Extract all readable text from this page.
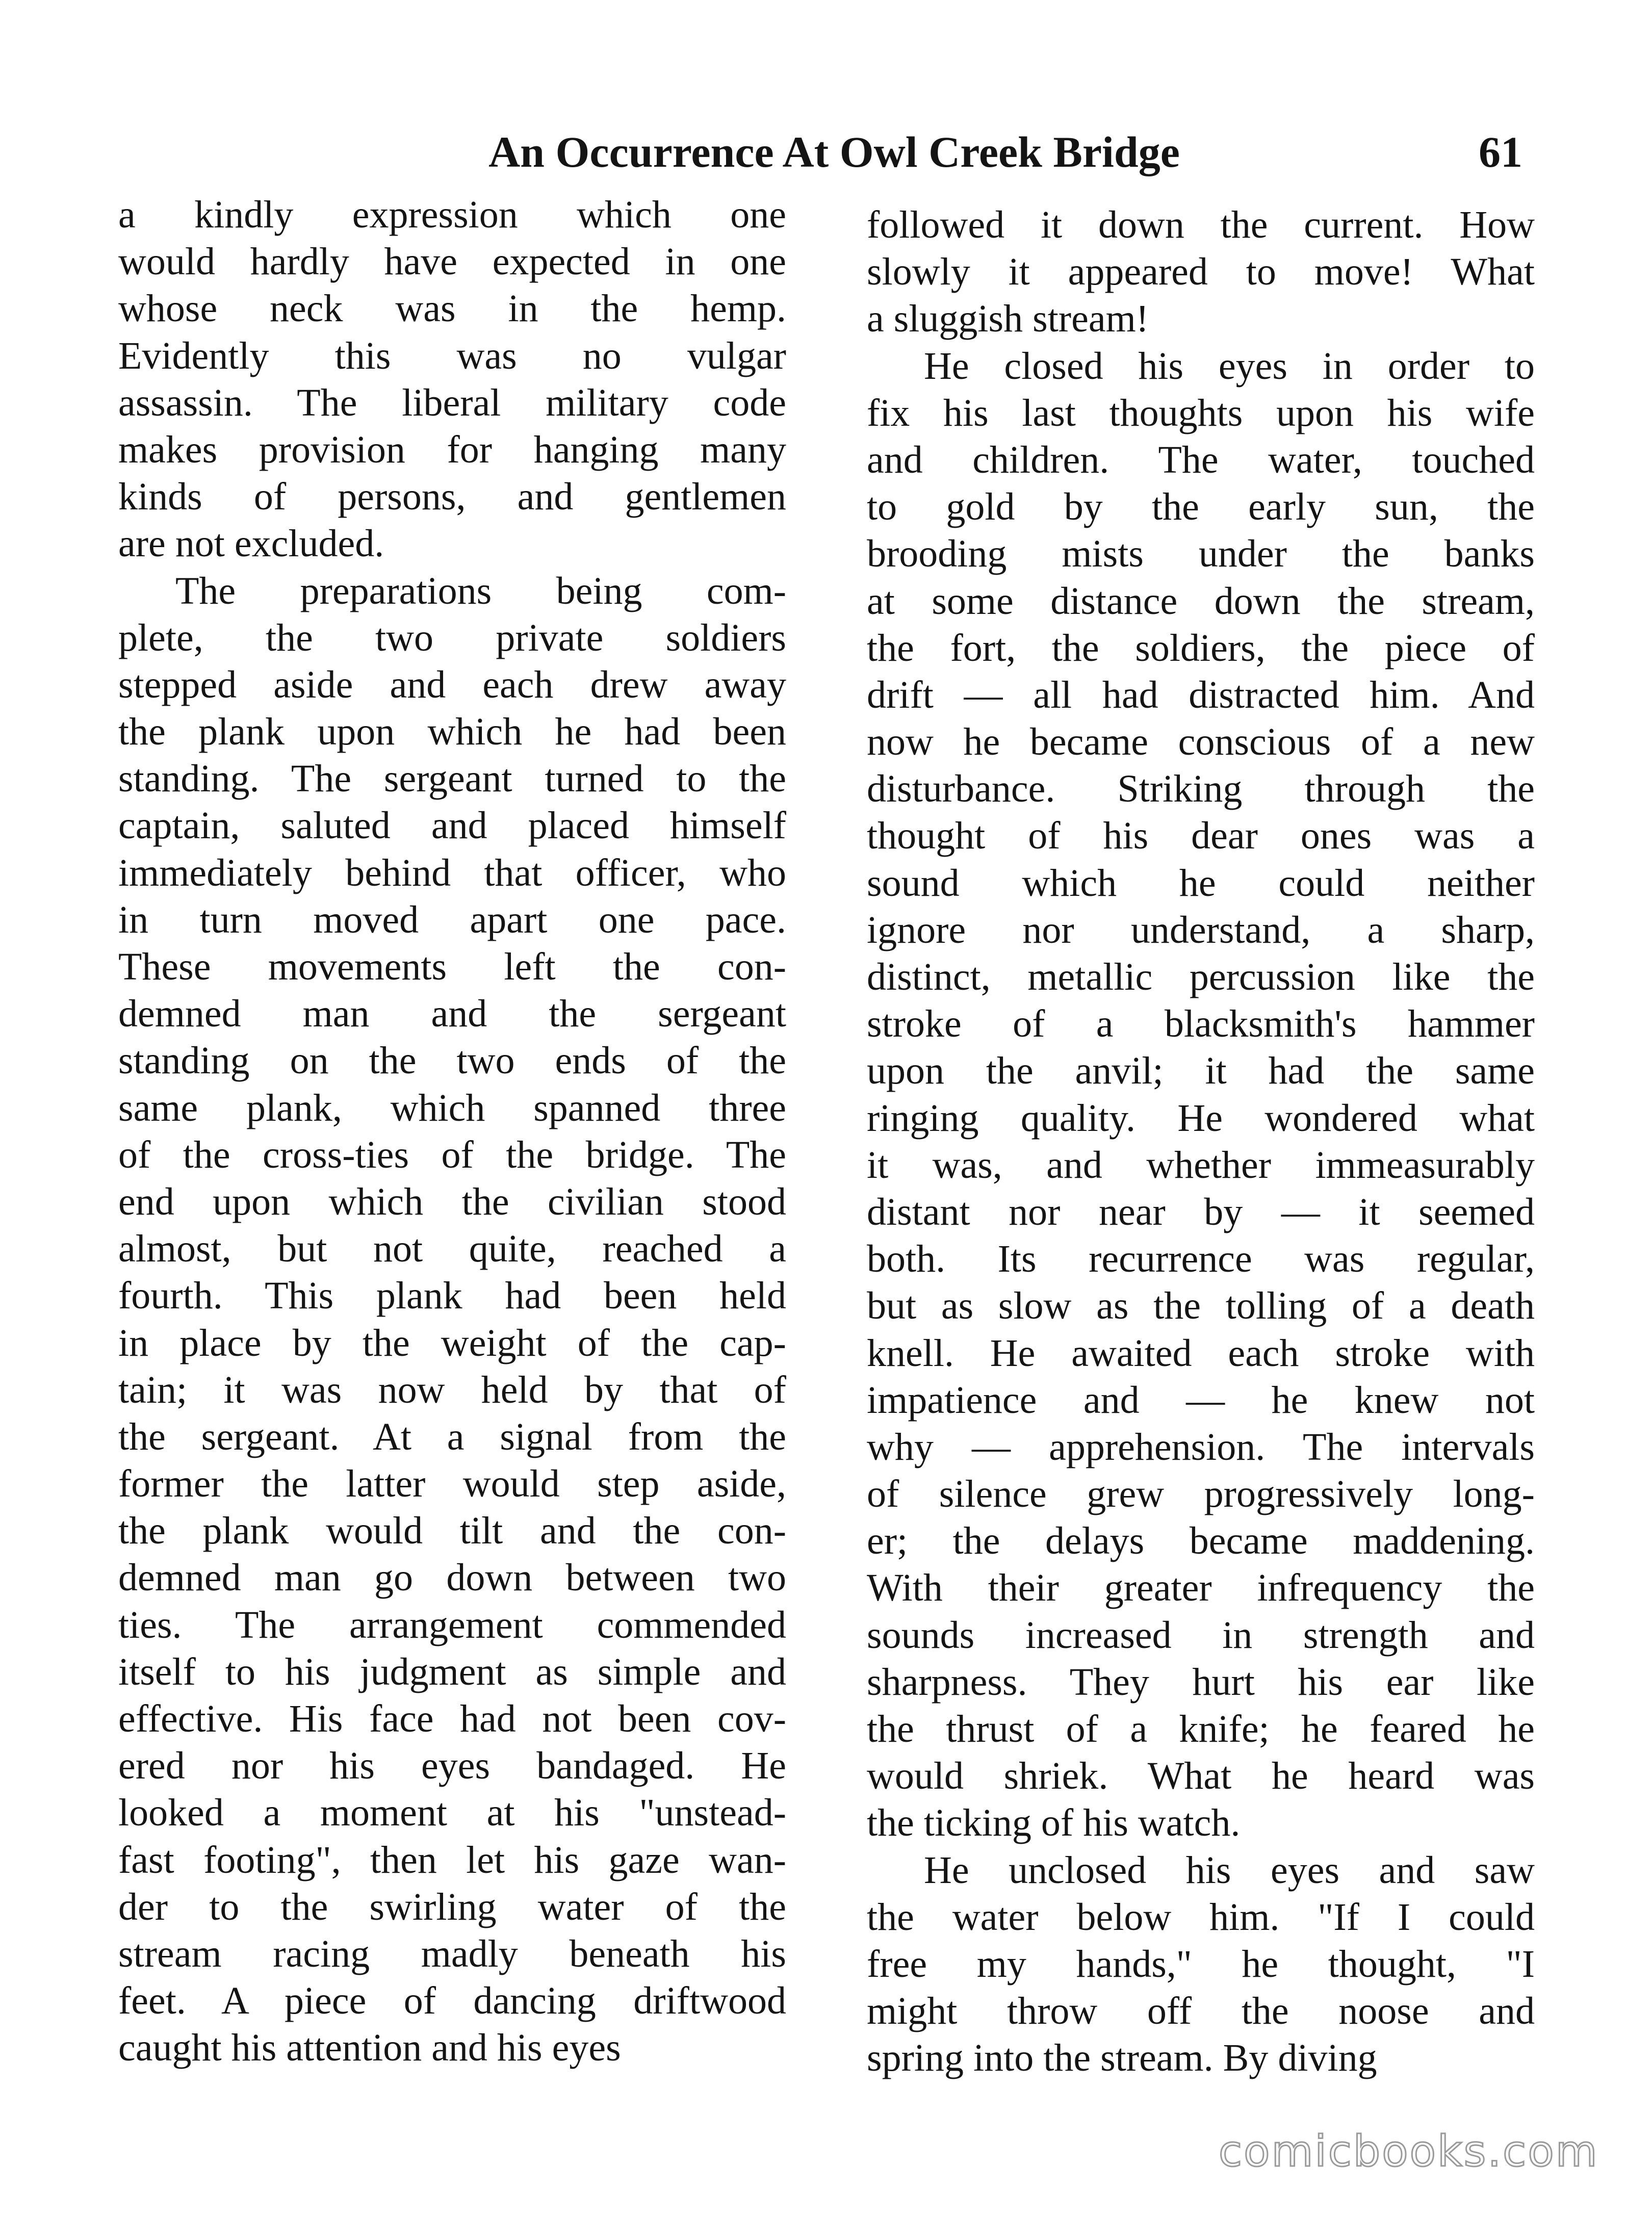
An Occurrence At Owl Creek Bridge	61
a kindly expression which one
would hardly have expected in one
whose neck was in the hemp.
Evidently this was no vulgar
assassin. The liberal military code
makes provision for hanging many
kinds of persons, and gentlemen
are not excluded.
The preparations being com-
plete, the two private soldiers
stepped aside and each drew away
the plank upon which he had been
standing. The sergeant turned to the
captain, saluted and placed himself
immediately behind that officer, who
in turn moved apart one pace.
These movements left the con-
demned man and the sergeant
standing on the two ends of the
same plank, which spanned three
of the cross-ties of the bridge. The
end upon which the civilian stood
almost, but not quite, reached a
fourth. This plank had been held
in place by the weight of the cap-
tain; it was now held by that of
the sergeant. At a signal from the
former the latter would step aside,
the plank would tilt and the con-
demned man go down between two
ties. The arrangement commended
itself to his judgment as simple and
effective. His face had not been cov-
ered nor his eyes bandaged. He
looked a moment at his "unstead-
fast footing", then let his gaze wan-
der to the swirling water of the
stream racing madly beneath his
feet. A piece of dancing driftwood
caught his attention and his eyes
followed it down the current. How
slowly it appeared to move! What
a sluggish stream!
He closed his eyes in order to
fix his last thoughts upon his wife
and children. The water, touched
to gold by the early sun, the
brooding mists under the banks
at some distance down the stream,
the fort, the soldiers, the piece of
drift — all had distracted him. And
now he became conscious of a new
disturbance. Striking through the
thought of his dear ones was a
sound which he could neither
ignore nor understand, a sharp,
distinct, metallic percussion like the
stroke of a blacksmith's hammer
upon the anvil; it had the same
ringing quality. He wondered what
it was, and whether immeasurably
distant nor near by — it seemed
both. Its recurrence was regular,
but as slow as the tolling of a death
knell. He awaited each stroke with
impatience and — he knew not
why — apprehension. The intervals
of silence grew progressively long-
er; the delays became maddening.
With their greater infrequency the
sounds increased in strength and
sharpness. They hurt his ear like
the thrust of a knife; he feared he
would shriek. What he heard was
the ticking of his watch.
He unclosed his eyes and saw
the water below him. "If I could
free my hands," he thought, "I
might throw off the noose and
spring into the stream. By diving
comicbooks.com
